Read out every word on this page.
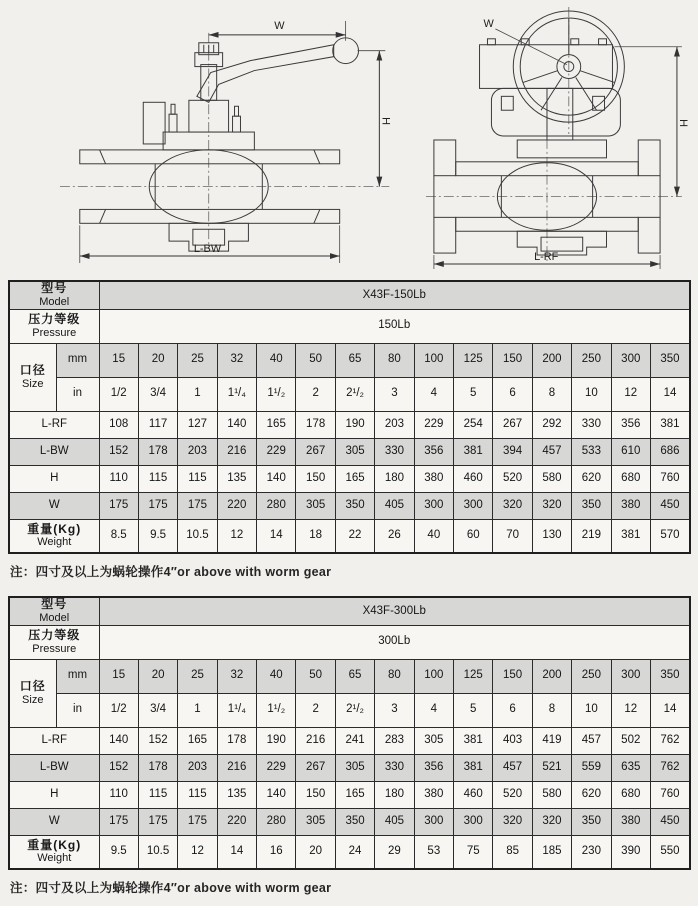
W
H
L-BW
W
H
L-RF
型号
Model		X43F-150Lb														

压力等级
Pressure		150Lb														

口径
Size	mm	15	20	25	32	40	50	65	80	100	125	150	200	250	300	350
	in	1/2	3/4	1	1¹/₄	1¹/₂	2	2¹/₂	3	4	5	6	8	10	12	14
L-RF		108	117	127	140	165	178	190	203	229	254	267	292	330	356	381
L-BW		152	178	203	216	229	267	305	330	356	381	394	457	533	610	686
H		110	115	115	135	140	150	165	180	380	460	520	580	620	680	760
W		175	175	175	220	280	305	350	405	300	300	320	320	350	380	450

重量(Kg)
Weight		8.5	9.5	10.5	12	14	18	22	26	40	60	70	130	219	381	570
注：四寸及以上为蜗轮操作4″or above with worm gear
型号
Model		X43F-300Lb														

压力等级
Pressure		300Lb														

口径
Size	mm	15	20	25	32	40	50	65	80	100	125	150	200	250	300	350
	in	1/2	3/4	1	1¹/₄	1¹/₂	2	2¹/₂	3	4	5	6	8	10	12	14
L-RF		140	152	165	178	190	216	241	283	305	381	403	419	457	502	762
L-BW		152	178	203	216	229	267	305	330	356	381	457	521	559	635	762
H		110	115	115	135	140	150	165	180	380	460	520	580	620	680	760
W		175	175	175	220	280	305	350	405	300	300	320	320	350	380	450

重量(Kg)
Weight		9.5	10.5	12	14	16	20	24	29	53	75	85	185	230	390	550
注：四寸及以上为蜗轮操作4″or above with worm gear
